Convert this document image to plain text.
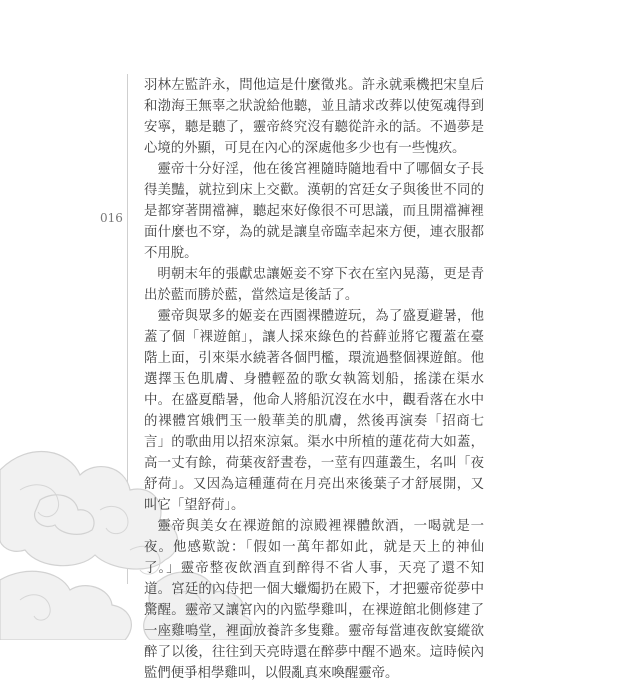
016

羽林左監許永，問他這是什麼徵兆。許永就乘機把宋皇后和渤海王無辜之狀說給他聽，並且請求改葬以使冤魂得到安寧，聽是聽了，靈帝終究沒有聽從許永的話。不過夢是心境的外顯，可見在內心的深處他多少也有一些愧疚。

靈帝十分好淫，他在後宮裡隨時隨地看中了哪個女子長得美豔，就拉到床上交歡。漢朝的宮廷女子與後世不同的是都穿著開襠褲，聽起來好像很不可思議，而且開襠褲裡面什麼也不穿，為的就是讓皇帝臨幸起來方便，連衣服都不用脫。

明朝末年的張獻忠讓姬妾不穿下衣在室內晃蕩，更是青出於藍而勝於藍，當然這是後話了。

靈帝與眾多的姬妾在西園裸體遊玩，為了盛夏避暑，他蓋了個「裸遊館」，讓人採來綠色的苔蘚並將它覆蓋在臺階上面，引來渠水繞著各個門檻，環流過整個裸遊館。他選擇玉色肌膚、身體輕盈的歌女執篙划船，搖漾在渠水中。在盛夏酷暑，他命人將船沉沒在水中，觀看落在水中的裸體宮娥們玉一般華美的肌膚，然後再演奏「招商七言」的歌曲用以招來涼氣。渠水中所植的蓮花荷大如蓋，高一丈有餘，荷葉夜舒晝卷，一莖有四蓮叢生，名叫「夜舒荷」。又因為這種蓮荷在月亮出來後葉子才舒展開，又叫它「望舒荷」。

靈帝與美女在裸遊館的涼殿裡裸體飲酒，一喝就是一夜。他感歎說：「假如一萬年都如此，就是天上的神仙了。」靈帝整夜飲酒直到醉得不省人事，天亮了還不知道。宮廷的內侍把一個大蠟燭扔在殿下，才把靈帝從夢中驚醒。靈帝又讓宮內的內監學雞叫，在裸遊館北側修建了一座雞鳴堂，裡面放養許多隻雞。靈帝每當連夜飲宴縱欲醉了以後，往往到天亮時還在醉夢中醒不過來。這時候內監們便爭相學雞叫，以假亂真來喚醒靈帝。
